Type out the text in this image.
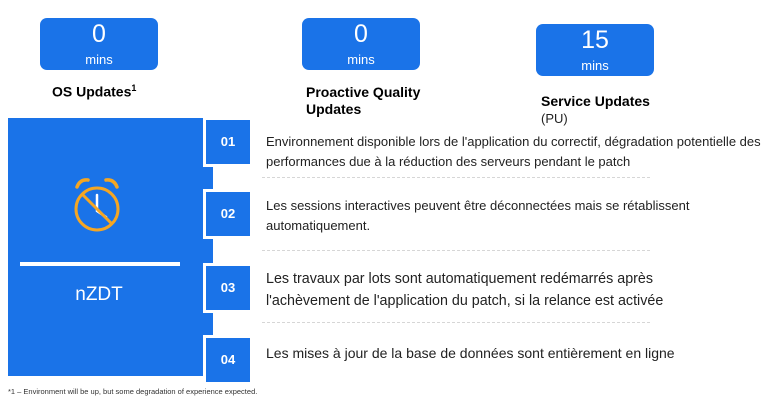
0
mins
OS Updates$^1$
0
mins
Proactive Quality Updates
15
mins
Service Updates
(PU)
nZDT
01
02
03
04
Environnement disponible lors de l'application du correctif, dégradation potentielle des performances due à la réduction des serveurs pendant le patch
Les sessions interactives peuvent être déconnectées mais se rétablissent automatiquement.
Les travaux par lots sont automatiquement redémarrés après l'achèvement de l'application du patch, si la relance est activée
Les mises à jour de la base de données sont entièrement en ligne
*1 – Environment will be up, but some degradation of experience expected.
